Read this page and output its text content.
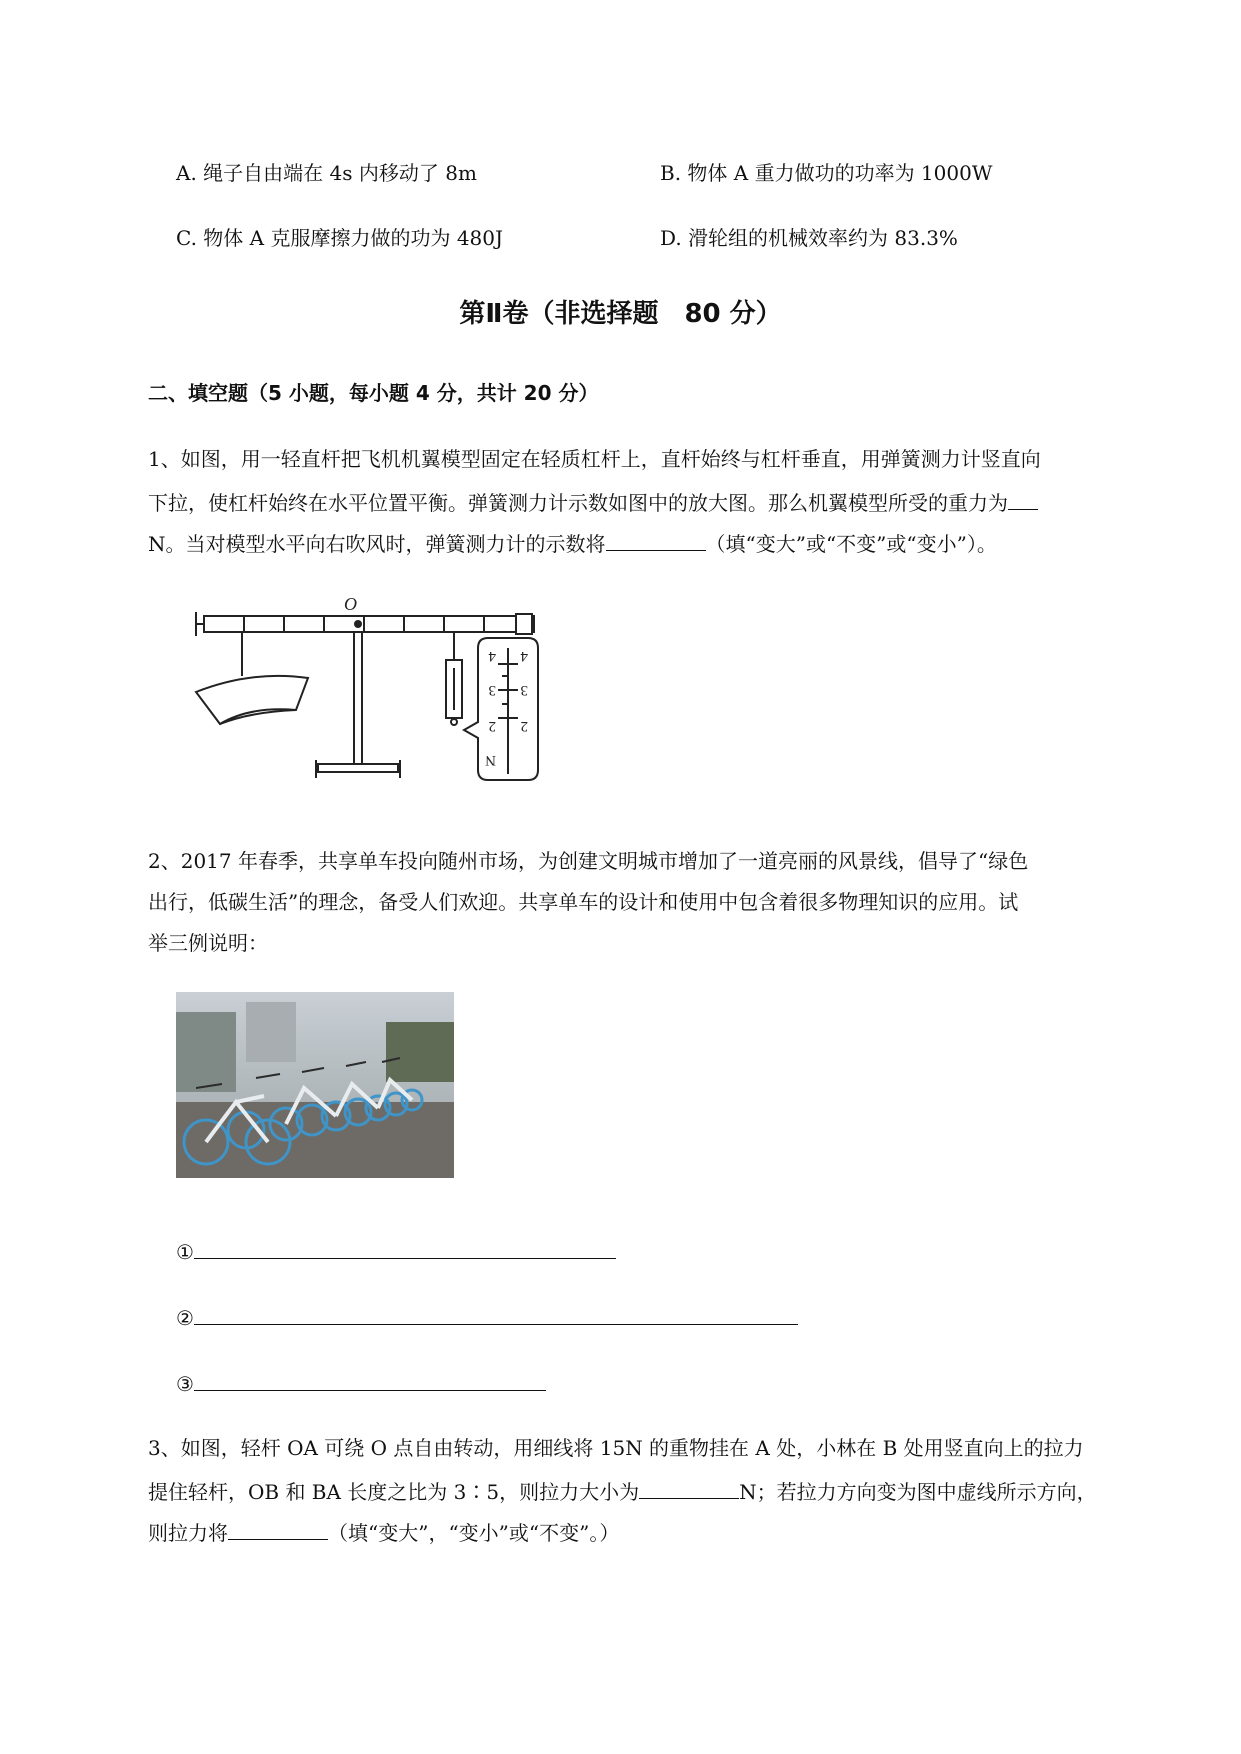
A. 绳子自由端在 4s 内移动了 8m	B. 物体 A 重力做功的功率为 1000W
C. 物体 A 克服摩擦力做的功为 480J	D. 滑轮组的机械效率约为 83.3%
第Ⅱ卷（非选择题　80 分）
二、填空题（5 小题，每小题 4 分，共计 20 分）
1、如图，用一轻直杆把飞机机翼模型固定在轻质杠杆上，直杆始终与杠杆垂直，用弹簧测力计竖直向
下拉，使杠杆始终在水平位置平衡。弹簧测力计示数如图中的放大图。那么机翼模型所受的重力为
N。当对模型水平向右吹风时，弹簧测力计的示数将	（填“变大”或“不变”或“变小”）。
O
4
3
2
N
4
3
2
2、2017 年春季，共享单车投向随州市场，为创建文明城市增加了一道亮丽的风景线，倡导了“绿色
出行，低碳生活”的理念，备受人们欢迎。共享单车的设计和使用中包含着很多物理知识的应用。试
举三例说明：
①
②
③
3、如图，轻杆 OA 可绕 O 点自由转动，用细线将 15N 的重物挂在 A 处，小林在 B 处用竖直向上的拉力
提住轻杆，OB 和 BA 长度之比为 3∶5，则拉力大小为	N；若拉力方向变为图中虚线所示方向，
则拉力将	（填“变大”，“变小”或“不变”。）
